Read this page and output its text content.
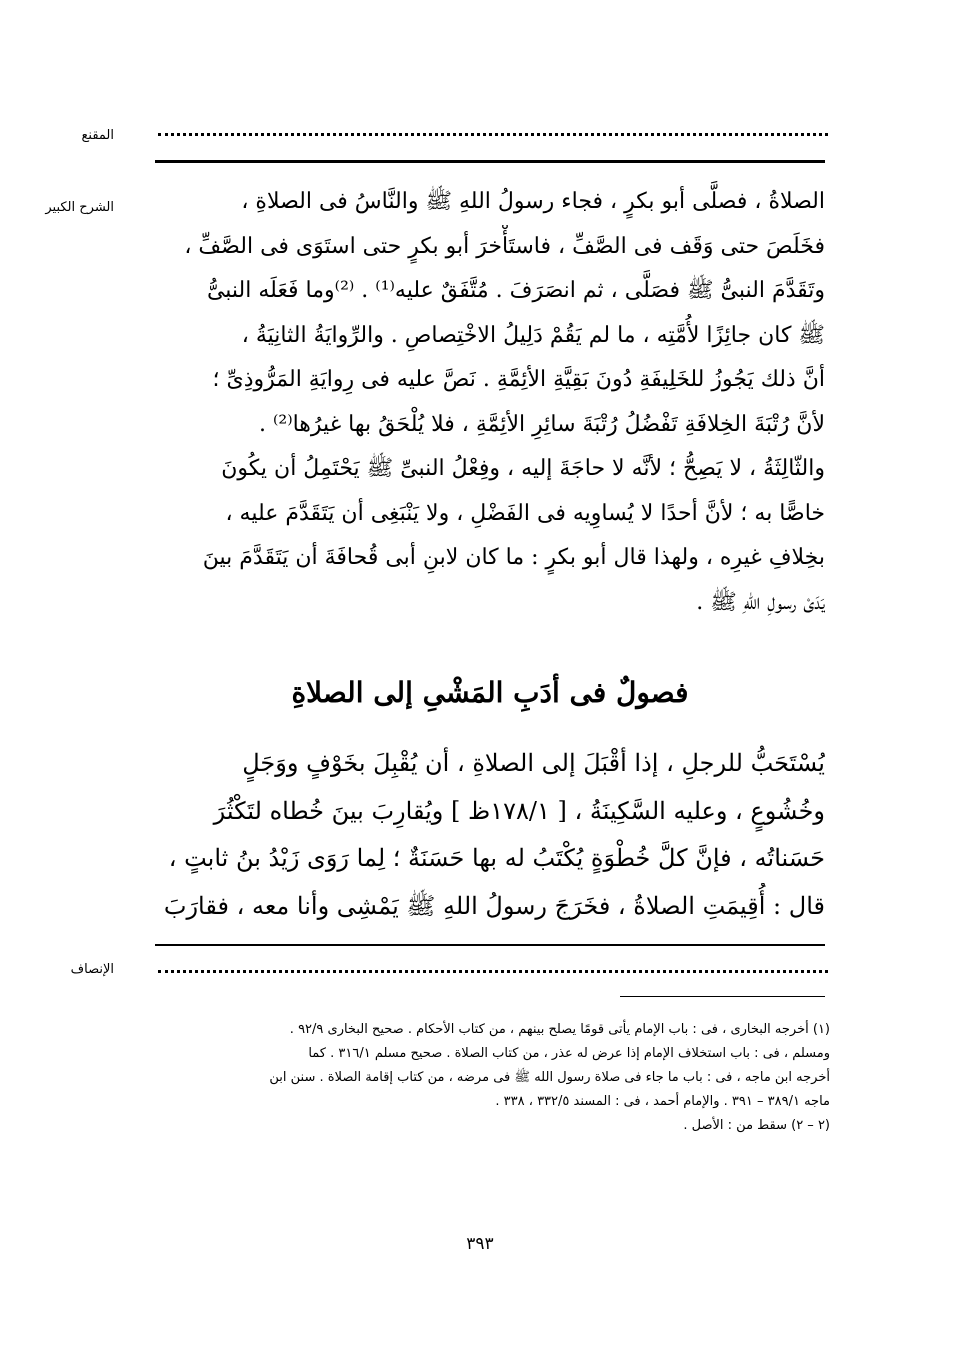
المقنع
الشرح الكبير	الصلاةُ ، فصلَّى أبو بكرٍ ، فجاء رسولُ اللهِ ﷺ والنَّاسُ فى الصلاةِ ،

فخَلَصَ حتى وَقَف فى الصَّفِّ ، فاستَأْخرَ أبو بكرٍ حتى استَوَى فى الصَّفِّ ،

وتَقَدَّمَ النبىُّ ﷺ فصَلَّى ، ثم انصَرَفَ . مُتَّفَقٌ عليه⁽¹⁾ . ⁽²⁾وما فَعَلَه النبىُّ

ﷺ كان جائِزًا لأُمَّتِه ، ما لم يَقُمْ دَلِيلُ الاخْتِصاصِ . والرِّوايَةُ الثانِيَةُ ،

أنَّ ذلك يَجُوزُ للخَلِيفَةِ دُونَ بَقِيَّةِ الأئِمَّةِ . نَصَّ عليه فى رِوايَةِ المَرُّوذِىِّ ؛

لأنَّ رُتْبَةَ الخِلافَةِ تَفْضُلُ رُتْبَةَ سائِرِ الأئِمَّةِ ، فلا يُلْحَقُ بها غيرُها⁽²⁾ .

والثّالِثَةُ ، لا يَصِحُّ ؛ لأنَّه لا حاجَةَ إليه ، وفِعْلُ النبىِّ ﷺ يَحْتَمِلُ أن يكُونَ

خاصًّا به ؛ لأنَّ أحدًا لا يُساوِيه فى الفَضْلِ ، ولا يَنْبَغِى أن يَتَقَدَّمَ عليه ،

بخِلافِ غيرِه ، ولهذا قال أبو بكرٍ : ما كان لابنِ أبى قُحافَةَ أن يَتَقَدَّمَ بينَ

يَدَىْ رسولِ اللهِ ﷺ .

فصولٌ فى أدَبِ المَشْىِ إلى الصلاةِ

يُسْتَحَبُّ للرجلِ ، إذا أقْبَلَ إلى الصلاةِ ، أن يُقْبِلَ بخَوْفٍ ووَجَلٍ

وخُشُوعٍ ، وعليه السَّكِينَةُ ، [ ١٧٨/١ظ ] ويُقارِبَ بينَ خُطاه لتَكْثُرَ

حَسَناتُه ، فإنَّ كلَّ خُطْوَةٍ يُكْتَبُ له بها حَسَنَةٌ ؛ لِما رَوَى زَيْدُ بنُ ثابتٍ ،

قال : أُقِيمَتِ الصلاةُ ، فخَرَجَ رسولُ اللهِ ﷺ يَمْشِى وأنا معه ، فقارَبَ

الإنصاف

(١) أخرجه البخارى ، فى : باب الإمام يأتى قومًا يصلح بينهم ، من كتاب الأحكام . صحيح البخارى ٩٢/٩ .

ومسلم ، فى : باب استخلاف الإمام إذا عرض له عذر ، من كتاب الصلاة . صحيح مسلم ٣١٦/١ . كما

أخرجه ابن ماجه ، فى : باب ما جاء فى صلاة رسول الله ﷺ فى مرضه ، من كتاب إقامة الصلاة . سنن ابن

ماجه ٣٨٩/١ – ٣٩١ . والإمام أحمد ، فى : المسند ٣٣٢/٥ ، ٣٣٨ .

(٢ – ٢) سقط من : الأصل .

٣٩٣
